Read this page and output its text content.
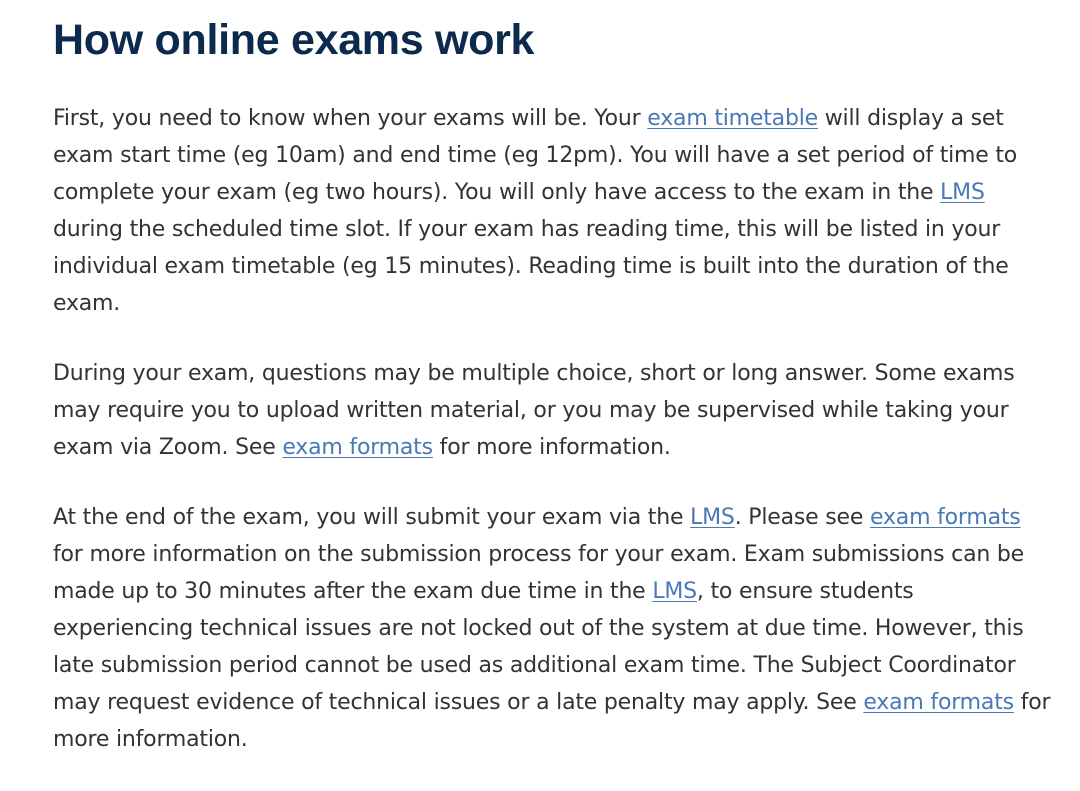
How online exams work

First, you need to know when your exams will be. Your exam timetable will display a set exam start time (eg 10am) and end time (eg 12pm). You will have a set period of time to complete your exam (eg two hours). You will only have access to the exam in the LMS during the scheduled time slot. If your exam has reading time, this will be listed in your individual exam timetable (eg 15 minutes). Reading time is built into the duration of the exam.

During your exam, questions may be multiple choice, short or long answer. Some exams may require you to upload written material, or you may be supervised while taking your exam via Zoom. See exam formats for more information.

At the end of the exam, you will submit your exam via the LMS. Please see exam formats for more information on the submission process for your exam. Exam submissions can be made up to 30 minutes after the exam due time in the LMS, to ensure students experiencing technical issues are not locked out of the system at due time. However, this late submission period cannot be used as additional exam time. The Subject Coordinator may request evidence of technical issues or a late penalty may apply. See exam formats for more information.
